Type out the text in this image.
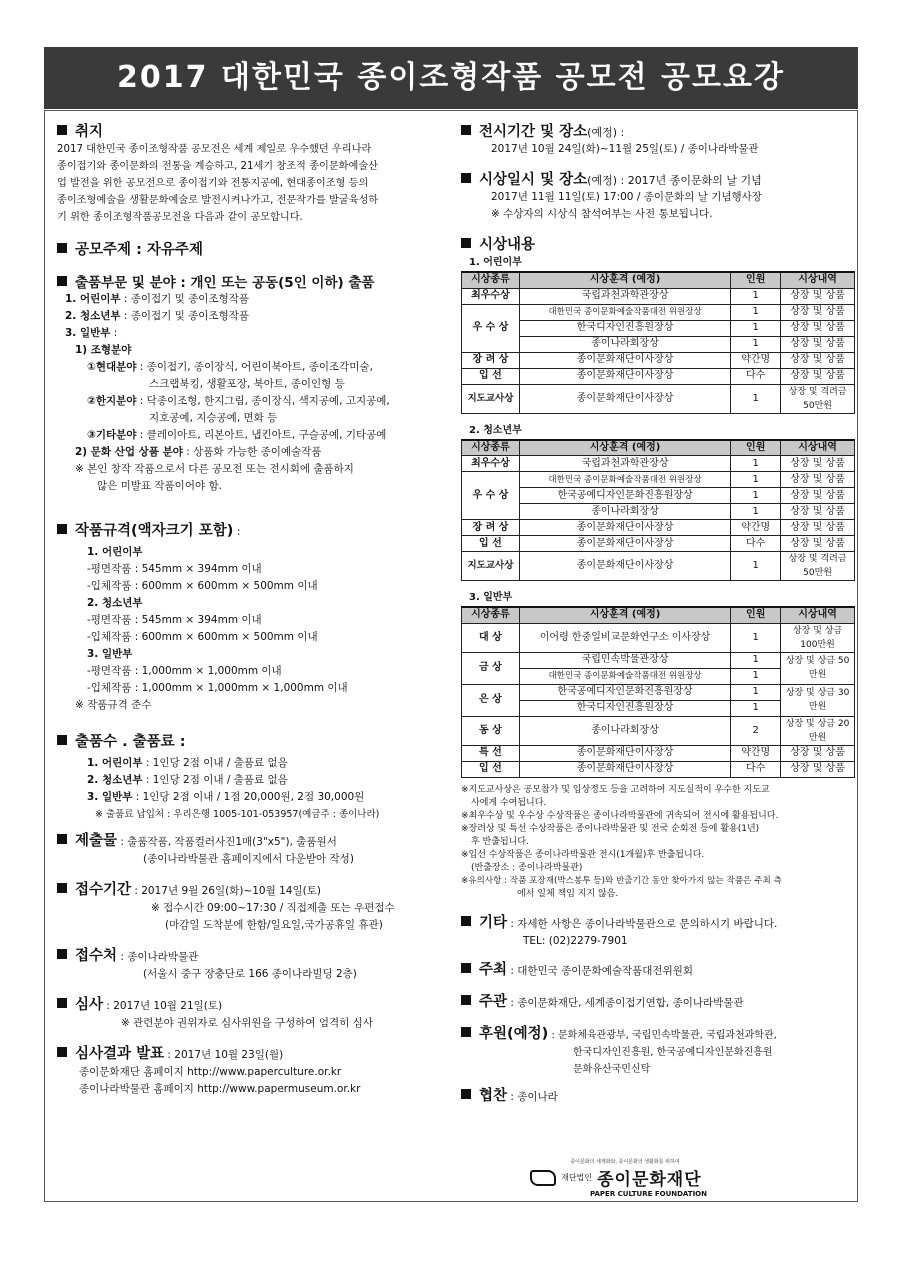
2017 대한민국 종이조형작품 공모전 공모요강
취지
2017 대한민국 종이조형작품 공모전은 세계 제일로 우수했던 우리나라
종이접기와 종이문화의 전통을 계승하고, 21세기 창조적 종이문화예술산
업 발전을 위한 공모전으로 종이접기와 전통지공예, 현대종이조형 등의
종이조형예술을 생활문화예술로 발전시켜나가고, 전문작가를 발굴육성하
기 위한 종이조형작품공모전을 다음과 같이 공모합니다.
공모주제 : 자유주제
출품부문 및 분야 : 개인 또는 공동(5인 이하) 출품
1. 어린이부 : 종이접기 및 종이조형작품
2. 청소년부 : 종이접기 및 종이조형작품
3. 일반부 :
1) 조형분야
①현대분야 : 종이접기, 종이장식, 어린이북아트, 종이조각미술,
스크랩북킹, 생활포장, 북아트, 종이인형 등
②한지분야 : 닥종이조형, 한지그림, 종이장식, 색지공예, 고지공예,
지호공예, 지승공예, 면화 등
③기타분야 : 클레이아트, 리본아트, 냅킨아트, 구슬공예, 기타공예
2) 문화 산업 상품 분야 : 상품화 가능한 종이예술작품
※ 본인 창작 작품으로서 다른 공모전 또는 전시회에 출품하지
않은 미발표 작품이어야 함.
작품규격(액자크기 포함) :
1. 어린이부
-평면작품 : 545mm × 394mm 이내
-입체작품 : 600mm × 600mm × 500mm 이내
2. 청소년부
-평면작품 : 545mm × 394mm 이내
-입체작품 : 600mm × 600mm × 500mm 이내
3. 일반부
-평면작품 : 1,000mm × 1,000mm 이내
-입체작품 : 1,000mm × 1,000mm × 1,000mm 이내
※ 작품규격 준수
출품수 . 출품료 :
1. 어린이부 : 1인당 2점 이내 / 출품료 없음
2. 청소년부 : 1인당 2점 이내 / 출품료 없음
3. 일반부 : 1인당 2점 이내 / 1점 20,000원, 2점 30,000원
※ 출품료 납입처 : 우리은행 1005-101-053957(예금주 : 종이나라)
제출물 : 출품작품, 작품컬러사진1매(3"x5"), 출품원서
(종이나라박물관 홈페이지에서 다운받아 작성)
접수기간 : 2017년 9월 26일(화)~10월 14일(토)
※ 접수시간 09:00~17:30 / 직접제출 또는 우편접수
(마감일 도착분에 한함/일요일,국가공휴일 휴관)
접수처 : 종이나라박물관
(서울시 중구 장충단로 166 종이나라빌딩 2층)
심사 : 2017년 10월 21일(토)
※ 관련분야 권위자로 심사위원을 구성하여 엄격히 심사
심사결과 발표 : 2017년 10월 23일(월)
종이문화재단 홈페이지 http://www.paperculture.or.kr
종이나라박물관 홈페이지 http://www.papermuseum.or.kr
전시기간 및 장소(예정) :
2017년 10월 24일(화)~11월 25일(토) / 종이나라박물관
시상일시 및 장소(예정) : 2017년 종이문화의 날 기념
2017년 11월 11일(토) 17:00 / 종이문화의 날 기념행사장
※ 수상자의 시상식 참석여부는 사전 통보됩니다.
시상내용
1. 어린이부
시상종류	시상훈격 (예정)	인원	시상내역
최우수상	국립과천과학관장상	1	상장 및 상품
우 수 상	대한민국 종이문화예술작품대전 위원장상	1	상장 및 상품
	한국디자인진흥원장상	1	상장 및 상품
	종이나라회장상	1	상장 및 상품
장 려 상	종이문화재단이사장상	약간명	상장 및 상품
입 선	종이문화재단이사장상	다수	상장 및 상품
지도교사상	종이문화재단이사장상	1	상장 및 격려금 50만원
2. 청소년부
시상종류	시상훈격 (예정)	인원	시상내역
최우수상	국립과천과학관장상	1	상장 및 상품
우 수 상	대한민국 종이문화예술작품대전 위원장상	1	상장 및 상품
	한국공예디자인문화진흥원장상	1	상장 및 상품
	종이나라회장상	1	상장 및 상품
장 려 상	종이문화재단이사장상	약간명	상장 및 상품
입 선	종이문화재단이사장상	다수	상장 및 상품
지도교사상	종이문화재단이사장상	1	상장 및 격려금50만원
3. 일반부
시상종류	시상훈격 (예정)	인원	시상내역
대 상	이어령 한중일비교문화연구소 이사장상	1	상장 및 상금 100만원
금 상	국립민속박물관장상	1	상장 및 상금 50만원
	대한민국 종이문화예술작품대전 위원장상	1	
은 상	한국공예디자인문화진흥원장상	1	상장 및 상금 30만원
	한국디자인진흥원장상	1	
동 상	종이나라회장상	2	상장 및 상금 20만원
특 선	종이문화재단이사장상	약간명	상장 및 상품
입 선	종이문화재단이사장상	다수	상장 및 상품
※지도교사상은 공모참가 및 입상정도 등을 고려하여 지도실적이 우수한 지도교
사에게 수여됩니다.
※최우수상 및 우수상 수상작품은 종이나라박물관에 귀속되어 전시에 활용됩니다.
※장려상 및 특선 수상작품은 종이나라박물관 및 전국 순회전 등에 활용(1년)
후 반출됩니다.
※입선 수상작품은 종이나라박물관 전시(1개월)후 반출됩니다.
(반출장소 : 종이나라박물관)
※유의사항 : 작품 포장재(박스봉투 등)와 반출기간 동안 찾아가지 않는 작품은 주최 측
에서 일체 책임 지지 않음.
기타 : 자세한 사항은 종이나라박물관으로 문의하시기 바랍니다.
TEL: (02)2279-7901
주최 : 대한민국 종이문화예술작품대전위원회
주관 : 종이문화재단, 세계종이접기연합, 종이나라박물관
후원(예정) : 문화체육관광부, 국립민속박물관, 국립과천과학관,
한국디자인진흥원, 한국공예디자인문화진흥원
문화유산국민신탁
협찬 : 종이나라
종이문화의 세계화와, 종이문화의 생활화를 위하여
재단법인 종이문화재단
PAPER CULTURE FOUNDATION
